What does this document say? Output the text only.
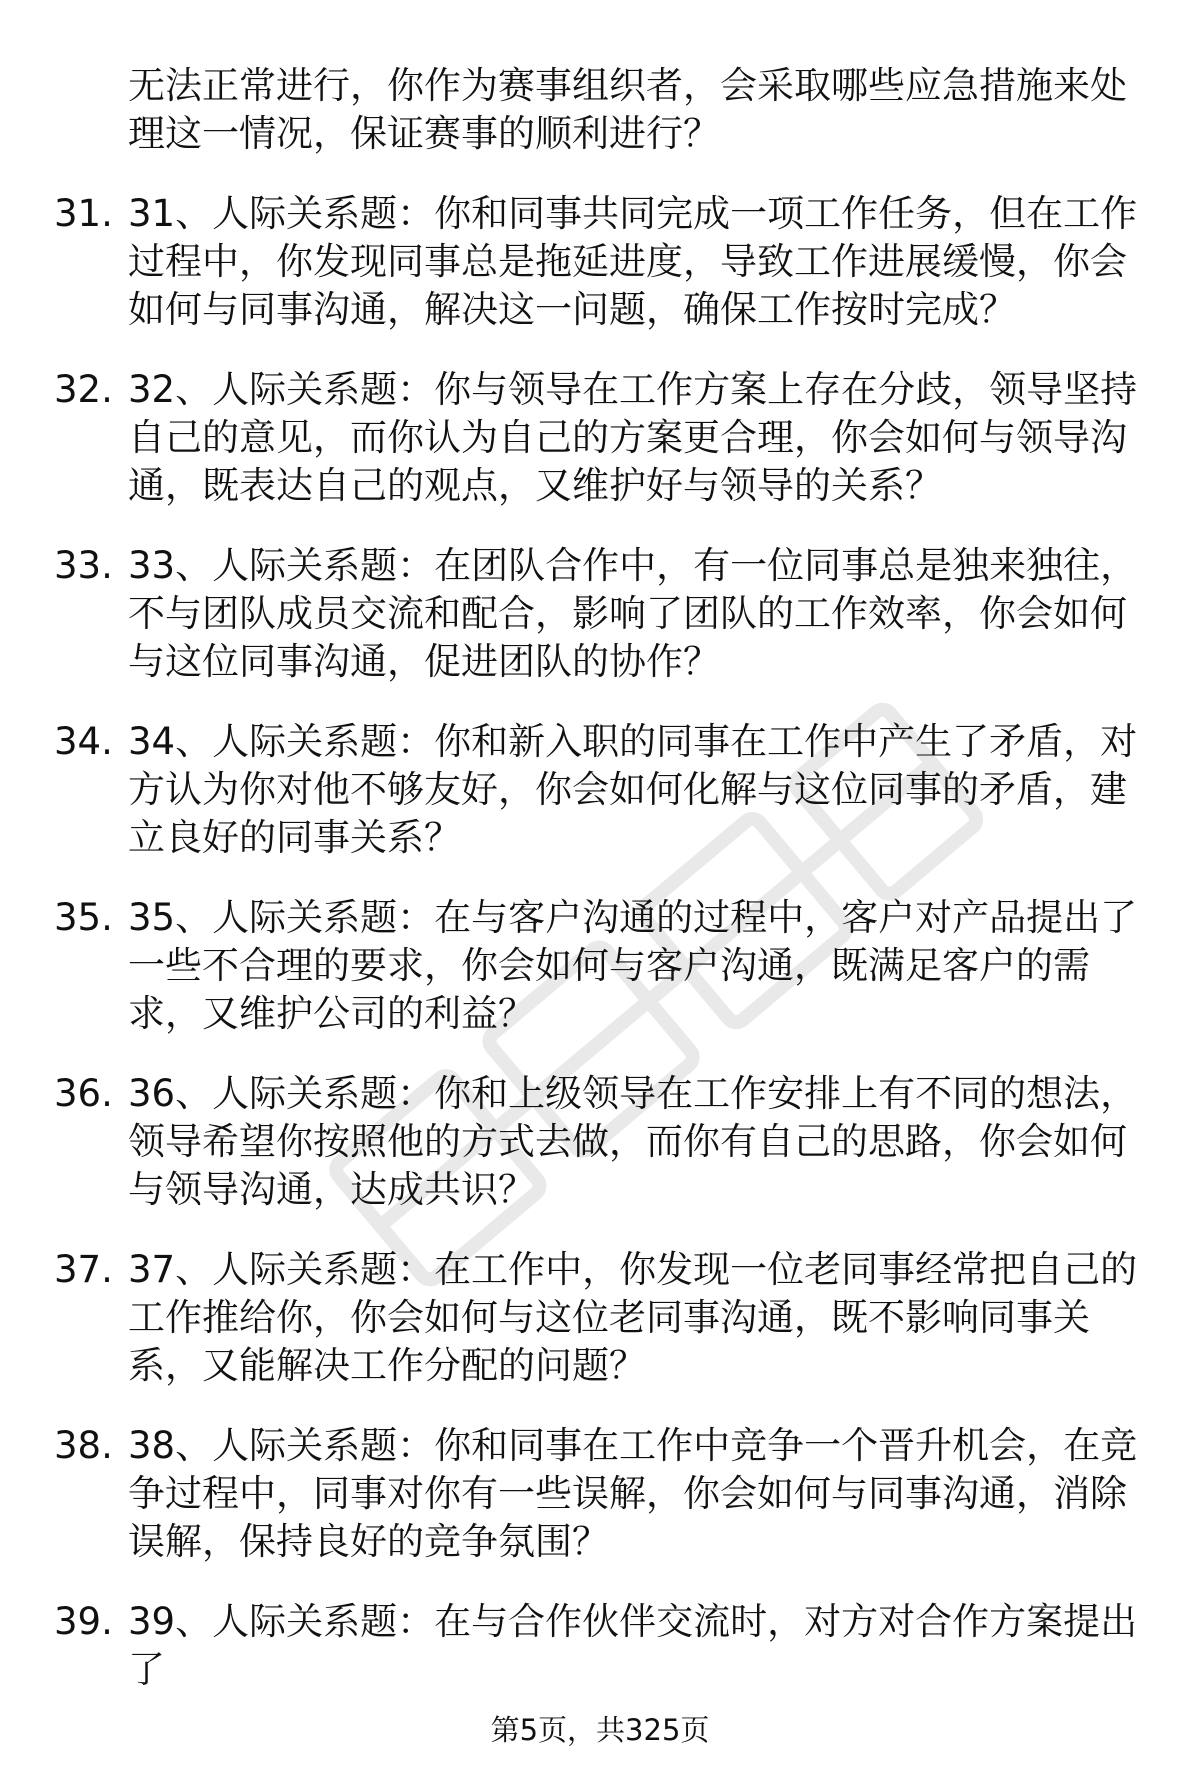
无法正常进行，你作为赛事组织者，会采取哪些应急措施来处理这一情况，保证赛事的顺利进行？

31. 31、人际关系题：你和同事共同完成一项工作任务，但在工作过程中，你发现同事总是拖延进度，导致工作进展缓慢，你会如何与同事沟通，解决这一问题，确保工作按时完成？

32. 32、人际关系题：你与领导在工作方案上存在分歧，领导坚持自己的意见，而你认为自己的方案更合理，你会如何与领导沟通，既表达自己的观点，又维护好与领导的关系？

33. 33、人际关系题：在团队合作中，有一位同事总是独来独往，不与团队成员交流和配合，影响了团队的工作效率，你会如何与这位同事沟通，促进团队的协作？

34. 34、人际关系题：你和新入职的同事在工作中产生了矛盾，对方认为你对他不够友好，你会如何化解与这位同事的矛盾，建立良好的同事关系？

35. 35、人际关系题：在与客户沟通的过程中，客户对产品提出了一些不合理的要求，你会如何与客户沟通，既满足客户的需求，又维护公司的利益？

36. 36、人际关系题：你和上级领导在工作安排上有不同的想法，领导希望你按照他的方式去做，而你有自己的思路，你会如何与领导沟通，达成共识？

37. 37、人际关系题：在工作中，你发现一位老同事经常把自己的工作推给你，你会如何与这位老同事沟通，既不影响同事关系，又能解决工作分配的问题？

38. 38、人际关系题：你和同事在工作中竞争一个晋升机会，在竞争过程中，同事对你有一些误解，你会如何与同事沟通，消除误解，保持良好的竞争氛围？

39. 39、人际关系题：在与合作伙伴交流时，对方对合作方案提出了

第5页，共325页
